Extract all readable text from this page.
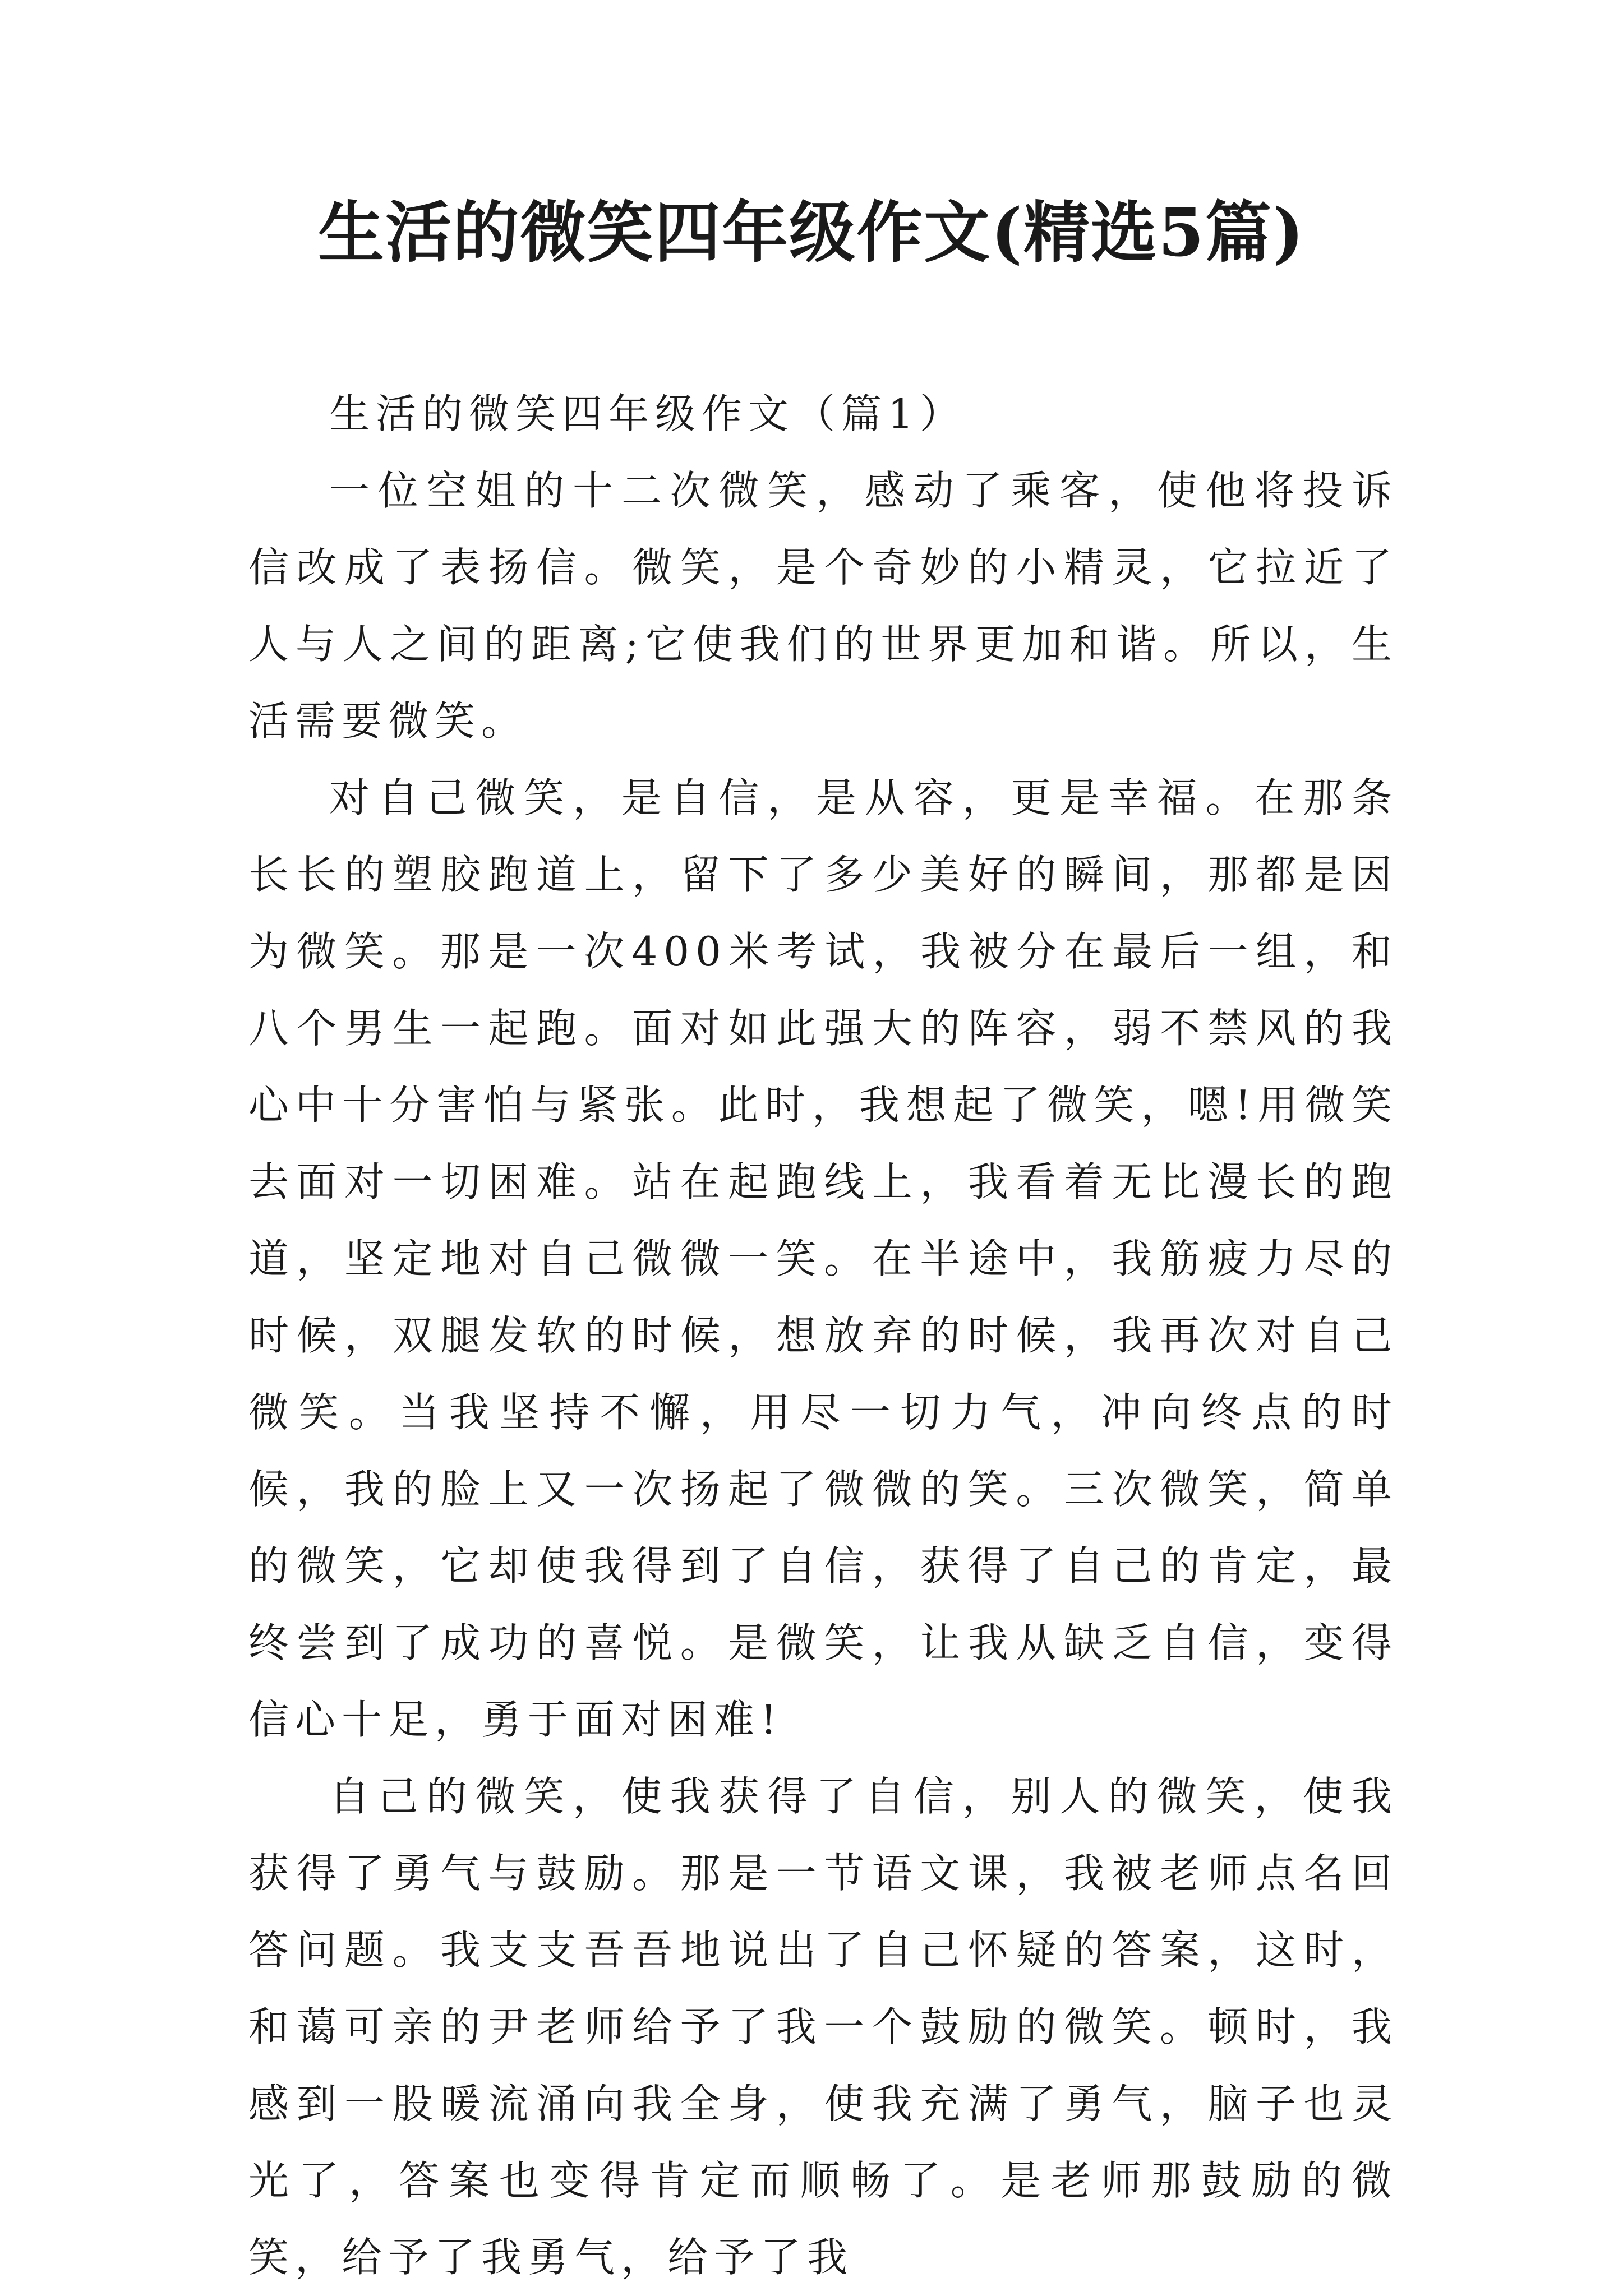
生活的微笑四年级作文(精选5篇)

生活的微笑四年级作文（篇1）

一位空姐的十二次微笑，感动了乘客，使他将投诉信改成了表扬信。微笑，是个奇妙的小精灵，它拉近了人与人之间的距离;它使我们的世界更加和谐。所以，生活需要微笑。

对自己微笑，是自信，是从容，更是幸福。在那条长长的塑胶跑道上，留下了多少美好的瞬间，那都是因为微笑。那是一次400米考试，我被分在最后一组，和八个男生一起跑。面对如此强大的阵容，弱不禁风的我心中十分害怕与紧张。此时，我想起了微笑，嗯!用微笑去面对一切困难。站在起跑线上，我看着无比漫长的跑道，坚定地对自己微微一笑。在半途中，我筋疲力尽的时候，双腿发软的时候，想放弃的时候，我再次对自己微笑。当我坚持不懈，用尽一切力气，冲向终点的时候，我的脸上又一次扬起了微微的笑。三次微笑，简单的微笑，它却使我得到了自信，获得了自己的肯定，最终尝到了成功的喜悦。是微笑，让我从缺乏自信，变得信心十足，勇于面对困难!

自己的微笑，使我获得了自信，别人的微笑，使我获得了勇气与鼓励。那是一节语文课，我被老师点名回答问题。我支支吾吾地说出了自己怀疑的答案，这时，和蔼可亲的尹老师给予了我一个鼓励的微笑。顿时，我感到一股暖流涌向我全身，使我充满了勇气，脑子也灵光了，答案也变得肯定而顺畅了。是老师那鼓励的微笑，给予了我勇气，给予了我
